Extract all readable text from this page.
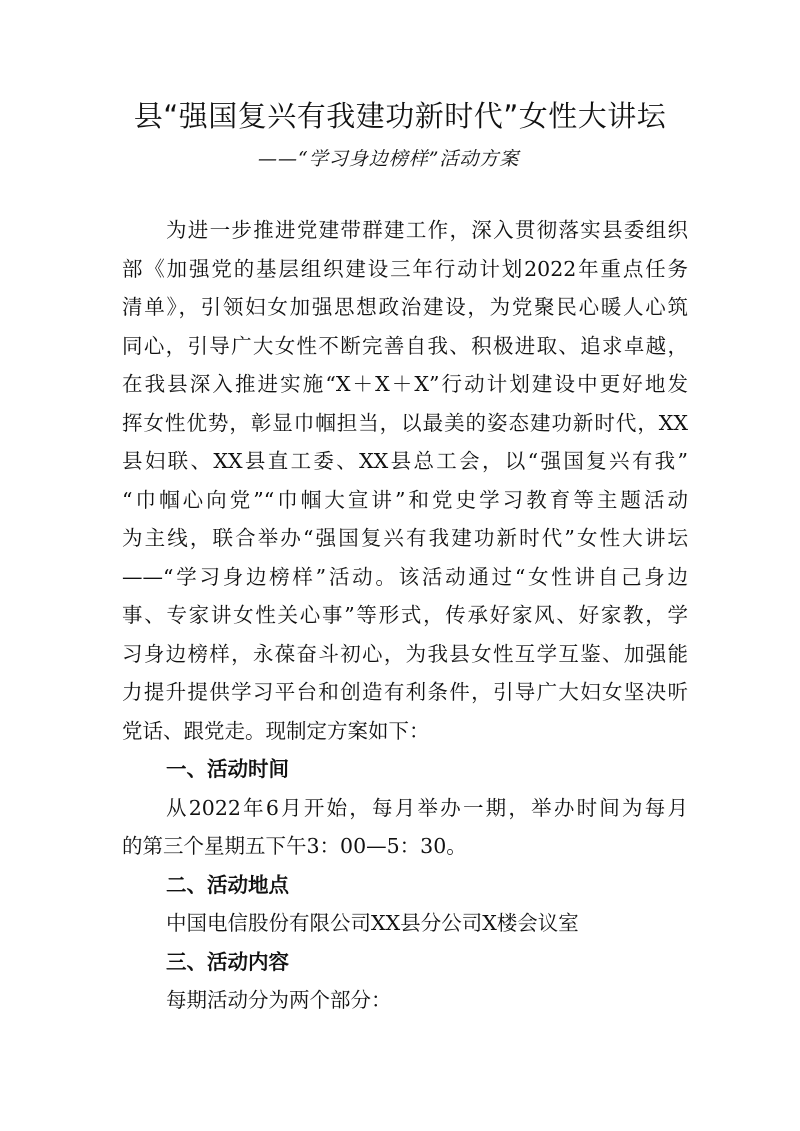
县“强国复兴有我建功新时代”女性大讲坛
——“学习身边榜样”活动方案
为进一步推进党建带群建工作，深入贯彻落实县委组织
部《加强党的基层组织建设三年行动计划2022年重点任务
清单》，引领妇女加强思想政治建设，为党聚民心暖人心筑
同心，引导广大女性不断完善自我、积极进取、追求卓越，
在我县深入推进实施“X＋X＋X”行动计划建设中更好地发
挥女性优势，彰显巾帼担当，以最美的姿态建功新时代，XX
县妇联、XX县直工委、XX县总工会，以“强国复兴有我”
“巾帼心向党”“巾帼大宣讲”和党史学习教育等主题活动
为主线，联合举办“强国复兴有我建功新时代”女性大讲坛
——“学习身边榜样”活动。该活动通过“女性讲自己身边
事、专家讲女性关心事”等形式，传承好家风、好家教，学
习身边榜样，永葆奋斗初心，为我县女性互学互鉴、加强能
力提升提供学习平台和创造有利条件，引导广大妇女坚决听
党话、跟党走。现制定方案如下：
一、活动时间
从2022年6月开始，每月举办一期，举办时间为每月
的第三个星期五下午3：00—5：30。
二、活动地点
中国电信股份有限公司XX县分公司X楼会议室
三、活动内容
每期活动分为两个部分：
